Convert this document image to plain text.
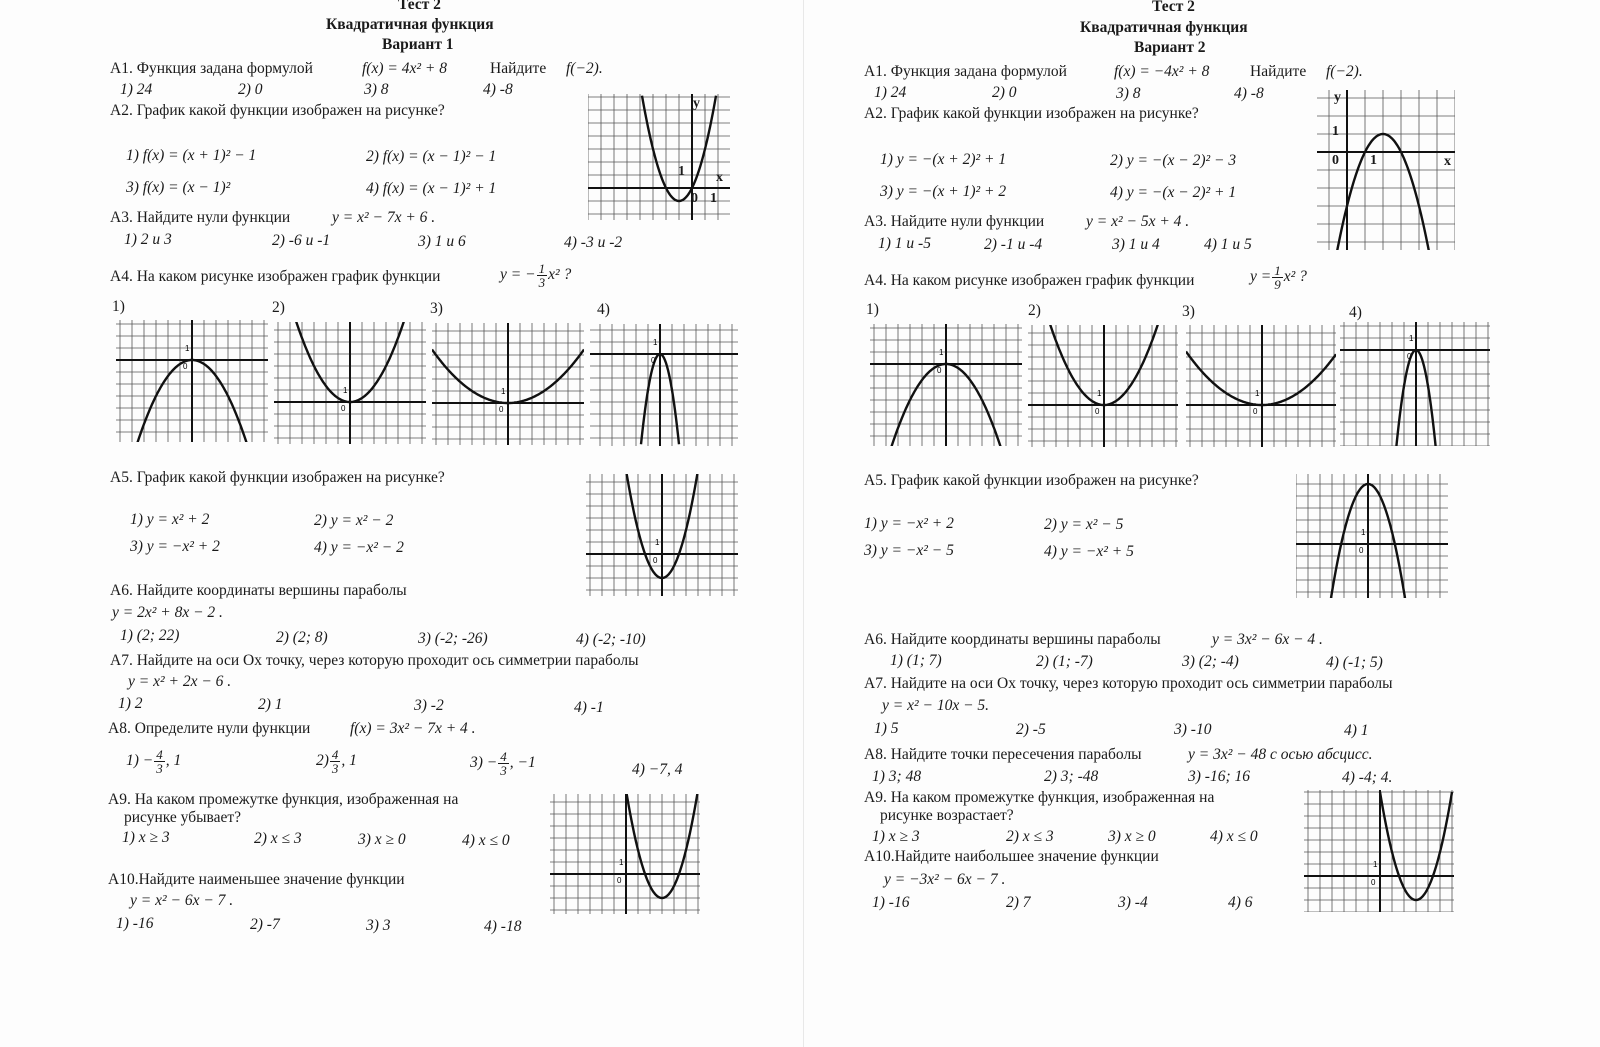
Тест 2
Квадратичная функция
Вариант 1
А1. Функция задана формулой	f(x) = 4x² + 8	Найдите f(−2).
1) 24	2) 0	3) 8	4) -8
А2. График какой функции изображен на рисунке?
1) f(x) = (x + 1)² − 1	2) f(x) = (x − 1)² − 1
3) f(x) = (x − 1)²	4) f(x) = (x − 1)² + 1
y
x
1
0 1
А3. Найдите нули функции	y = x² − 7x + 6 .
1) 2 и 3	2) -6 и -1	3) 1 и 6	4) -3 и -2
А4. На каком рисунке изображен график функции	y = − $\frac{1}{3} x^2$ ?
1)	2)	3)	4)
1
0
1
0
1
0
1
0
А5. График какой функции изображен на рисунке?
1) y = x² + 2	2) y = x² − 2
3) y = −x² + 2	4) y = −x² − 2	1
0
А6. Найдите координаты вершины параболы
y = 2x² + 8x − 2 .
1) (2; 22)	2) (2; 8)	3) (-2; -26)	4) (-2; -10)
А7. Найдите на оси Ox точку, через которую проходит ось симметрии параболы
y = x² + 2x − 6 .
1) 2	2) 1	3) -2	4) -1
А8. Определите нули функции	f(x) = 3x² − 7x + 4 .
$1) - \frac{4}{3}$ , 1	$2) \frac{4}{3}$ , 1	$3) - \frac{4}{3}$ , −1	4) −7, 4
А9. На каком промежутке функция, изображенная на
рисунке убывает?
1) x ≥ 3	2) x ≤ 3	3) x ≥ 0	4) x ≤ 0
1
0
А10.Найдите наименьшее значение функции
y = x² − 6x − 7 .
1) -16	2) -7	3) 3	4) -18
Тест 2
Квадратичная функция
Вариант 2
А1. Функция задана формулой	f(x) = −4x² + 8	Найдите f(−2).
1) 24	2) 0	3) 8	4) -8
А2. График какой функции изображен на рисунке?
1) y = −(x + 2)² + 1	2) y = −(x − 2)² − 3
3) y = −(x + 1)² + 2	4) y = −(x − 2)² + 1
y
x
1
0 1
А3. Найдите нули функции	y = x² − 5x + 4 .
1) 1 и -5	2) -1 и -4	3) 1 и 4	4) 1 и 5
А4. На каком рисунке изображен график функции	$y = \frac{1}{9} x^2$ ?
1)	2)	3)	4)
1
0
1
0
1
0
1
0
А5. График какой функции изображен на рисунке?
1) y = −x² + 2	2) y = x² − 5
3) y = −x² − 5	4) y = −x² + 5
1
0
А6. Найдите координаты вершины параболы	y = 3x² − 6x − 4 .
1) (1; 7)	2) (1; -7)	3) (2; -4)	4) (-1; 5)
А7. Найдите на оси Ox точку, через которую проходит ось симметрии параболы
y = x² − 10x − 5.
1) 5	2) -5	3) -10	4) 1
А8. Найдите точки пересечения параболы	y = 3x² − 48 с осью абсцисс.
1) 3; 48	2) 3; -48	3) -16; 16	4) -4; 4.
А9. На каком промежутке функция, изображенная на
рисунке возрастает?
1) x ≥ 3	2) x ≤ 3	3) x ≥ 0	4) x ≤ 0
1
0
А10.Найдите наибольшее значение функции
y = −3x² − 6x − 7 .
1) -16	2) 7	3) -4	4) 6
